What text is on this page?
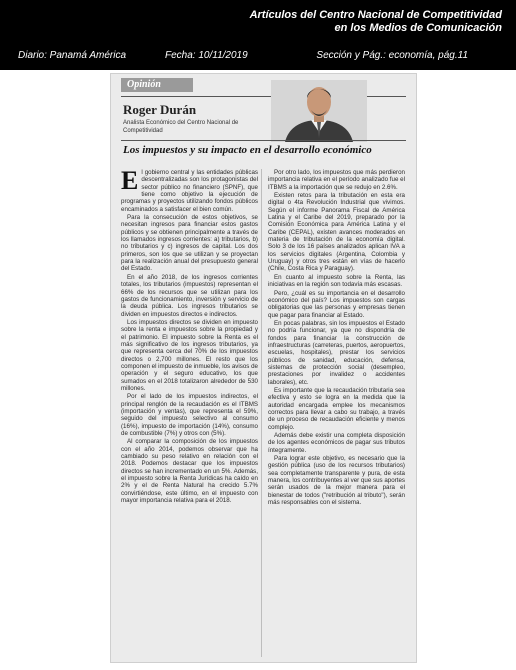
Artículos del Centro Nacional de Competitividad
en los Medios de Comunicación
Diario: Panamá América	Fecha: 10/11/2019	Sección y Pág.: economía, pág.11
Opinión
Roger Durán
Analista Económico del Centro Nacional de Competitividad
Los impuestos y su impacto en el desarrollo económico

El gobierno central y las entidades públicas descentralizadas son los protagonistas del sector público no financiero (SPNF), que tiene como objetivo la ejecución de programas y proyectos utilizando fondos públicos encaminados a satisfacer el bien común.

Para la consecución de estos objetivos, se necesitan ingresos para financiar estos gastos públicos y se obtienen principalmente a través de los llamados ingresos corrientes: a) tributarios, b) no tributarios y c) ingresos de capital. Los dos primeros, son los que se utilizan y se proyectan para la realización anual del presupuesto general del Estado.

En el año 2018, de los ingresos corrientes totales, los tributarios (impuestos) representan el 66% de los recursos que se utilizan para los gastos de funcionamiento, inversión y servicio de la deuda pública. Los ingresos tributarios se dividen en impuestos directos e indirectos.

Los impuestos directos se dividen en impuesto sobre la renta e impuestos sobre la propiedad y el patrimonio. El impuesto sobre la Renta es el más significativo de los ingresos tributarios, ya que representa cerca del 70% de los impuestos directos o 2,700 millones. El resto que los componen el impuesto de inmueble, los avisos de operación y el seguro educativo, los que sumados en el 2018 totalizaron alrededor de 530 millones.

Por el lado de los impuestos indirectos, el principal renglón de la recaudación es el ITBMS (importación y ventas), que representa el 59%, seguido del impuesto selectivo al consumo (16%), impuesto de importación (14%), consumo de combustible (7%) y otros con (5%).

Al comparar la composición de los impuestos con el año 2014, podemos observar que ha cambiado su peso relativo en relación con el 2018. Podemos destacar que los impuestos directos se han incrementado en un 5%. Además, el impuesto sobre la Renta Jurídicas ha caído en 2% y el de Renta Natural ha crecido 5.7% convirtiéndose, este último, en el impuesto con mayor importancia relativa para el 2018.

Por otro lado, los impuestos que más perdieron importancia relativa en el período analizado fue el ITBMS a la importación que se redujo en 2.6%.

Existen retos para la tributación en esta era digital o 4ta Revolución Industrial que vivimos. Según el informe Panorama Fiscal de América Latina y el Caribe del 2019, preparado por la Comisión Económica para América Latina y el Caribe (CEPAL), existen avances moderados en materia de tributación de la economía digital. Solo 3 de los 16 países analizados aplican IVA a los servicios digitales (Argentina, Colombia y Uruguay) y otros tres están en vías de hacerlo (Chile, Costa Rica y Paraguay).

En cuanto al impuesto sobre la Renta, las iniciativas en la región son todavía más escasas.

Pero, ¿cuál es su importancia en el desarrollo económico del país? Los impuestos son cargas obligatorias que las personas y empresas tienen que pagar para financiar al Estado.

En pocas palabras, sin los impuestos el Estado no podría funcionar, ya que no dispondría de fondos para financiar la construcción de infraestructuras (carreteras, puertos, aeropuertos, escuelas, hospitales), prestar los servicios públicos de sanidad, educación, defensa, sistemas de protección social (desempleo, prestaciones por invalidez o accidentes laborales), etc.

Es importante que la recaudación tributaria sea efectiva y esto se logra en la medida que la autoridad encargada emplee los mecanismos correctos para llevar a cabo su trabajo, a través de un proceso de recaudación eficiente y menos complejo.

Además debe existir una completa disposición de los agentes económicos de pagar sus tributos íntegramente.

Para lograr este objetivo, es necesario que la gestión pública (uso de los recursos tributarios) sea completamente transparente y pura, de esta manera, los contribuyentes al ver que sus aportes serán usados de la mejor manera para el bienestar de todos ("retribución al tributo"), serán más responsables con el sistema.
